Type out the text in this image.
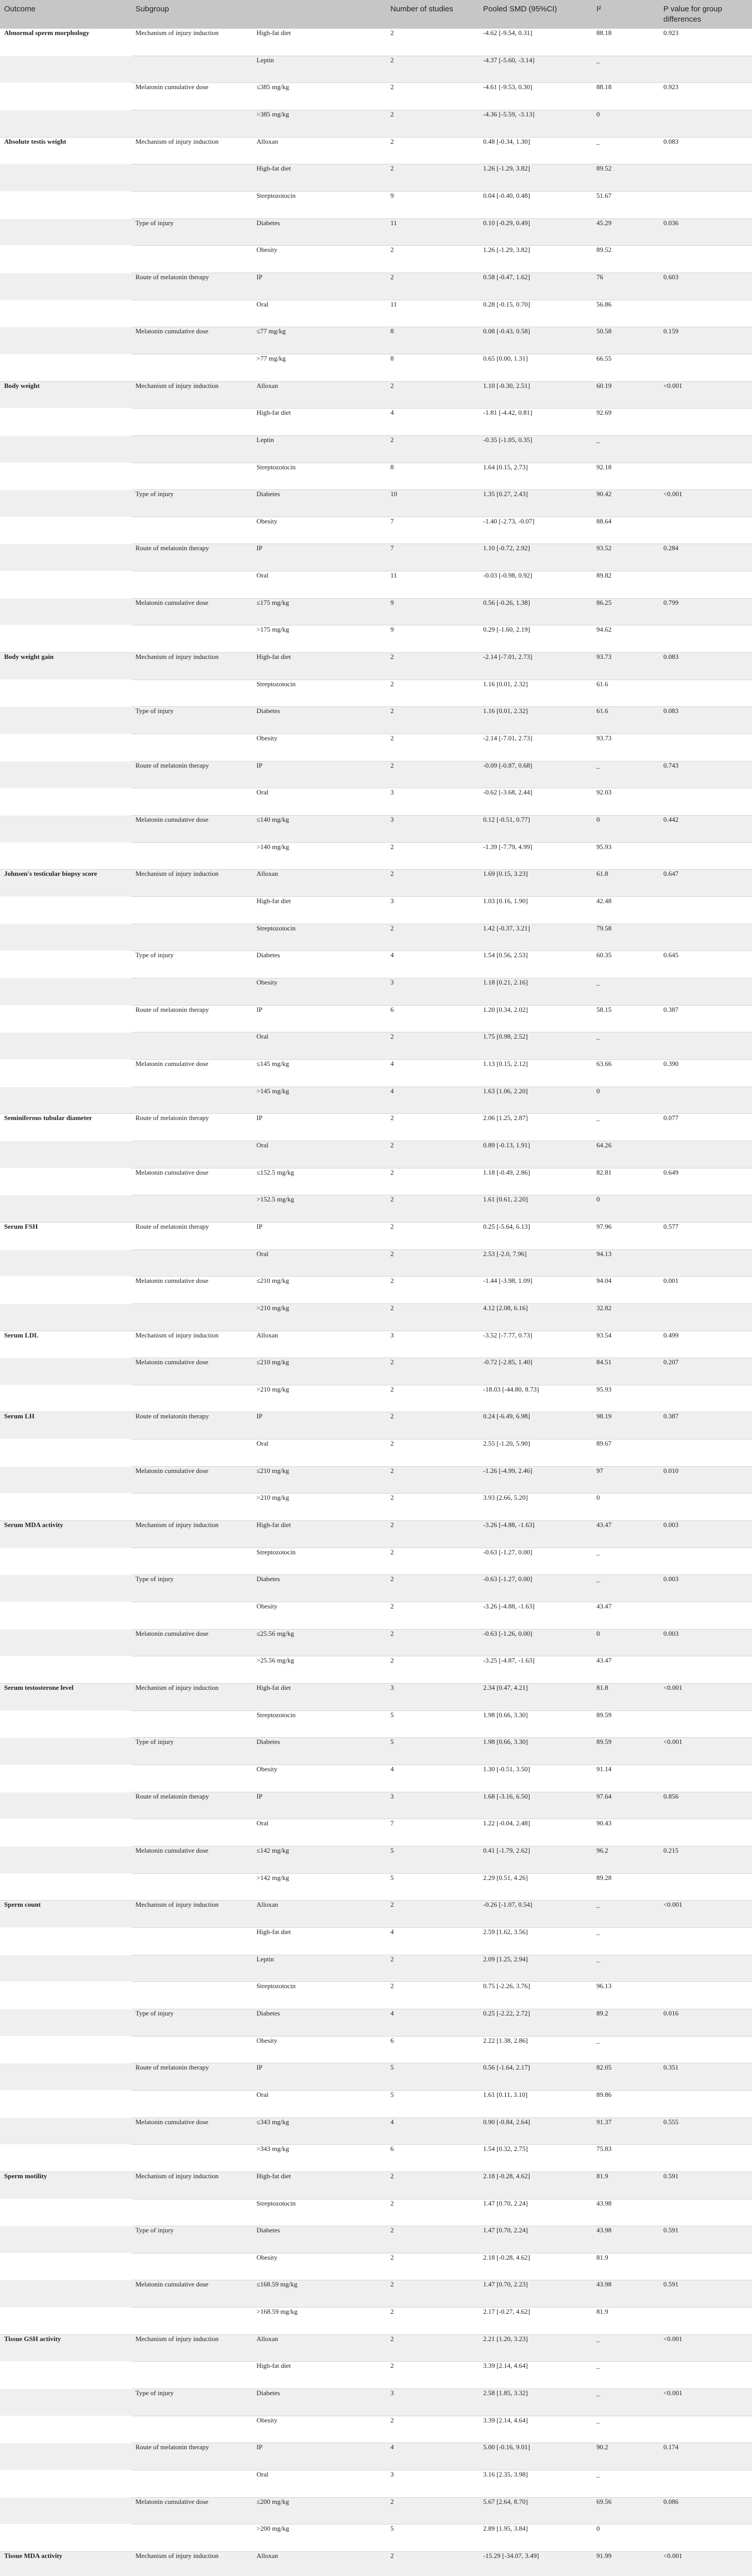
Outcome	Subgroup		Number of studies	Pooled SMD (95%CI)	I²	P value for group differences
Abnormal sperm morphology	Mechanism of injury induction	High-fat diet	2	-4.62 [-9.54, 0.31]	88.18	0.923
		Leptin	2	-4.37 [-5.60, -3.14]	_	
	Melatonin cumulative dose	≤385 mg/kg	2	-4.61 [-9.53, 0.30]	88.18	0.923
		>385 mg/kg	2	-4.36 [-5.59, -3.13]	0	
Absolute testis weight	Mechanism of injury induction	Alloxan	2	0.48 [-0.34, 1.30]	_	0.083
		High-fat diet	2	1.26 [-1.29, 3.82]	89.52	
		Streptozotocin	9	0.04 [-0.40, 0.48]	51.67	
	Type of injury	Diabetes	11	0.10 [-0.29, 0.49]	45.29	0.036
		Obesity	2	1.26 [-1.29, 3.82]	89.52	
	Route of melatonin therapy	IP	2	0.58 [-0.47, 1.62]	76	0.603
		Oral	11	0.28 [-0.15, 0.70]	56.86	
	Melatonin cumulative dose	≤77 mg/kg	8	0.08 [-0.43, 0.58]	50.58	0.159
		>77 mg/kg	8	0.65 [0.00, 1.31]	66.55	
Body weight	Mechanism of injury induction	Alloxan	2	1.10 [-0.30, 2.51]	60.19	<0.001
		High-fat diet	4	-1.81 [-4.42, 0.81]	92.69	
		Leptin	2	-0.35 [-1.05, 0.35]	_	
		Streptozotocin	8	1.64 [0.15, 2.73]	92.18	
	Type of injury	Diabetes	10	1.35 [0.27, 2.43]	90.42	<0.001
		Obesity	7	-1.40 [-2.73, -0.07]	88.64	
	Route of melatonin therapy	IP	7	1.10 [-0.72, 2.92]	93.52	0.284
		Oral	11	-0.03 [-0.98, 0.92]	89.82	
	Melatonin cumulative dose	≤175 mg/kg	9	0.56 [-0.26, 1.38]	86.25	0.799
		>175 mg/kg	9	0.29 [-1.60, 2.19]	94.62	
Body weight gain	Mechanism of injury induction	High-fat diet	2	-2.14 [-7.01, 2.73]	93.73	0.083
		Streptozotocin	2	1.16 [0.01, 2.32]	61.6	
	Type of injury	Diabetes	2	1.16 [0.01, 2.32]	61.6	0.083
		Obesity	2	-2.14 [-7.01, 2.73]	93.73	
	Route of melatonin therapy	IP	2	-0.09 [-0.87, 0.68]	_	0.743
		Oral	3	-0.62 [-3.68, 2.44]	92.03	
	Melatonin cumulative dose	≤140 mg/kg	3	0.12 [-0.51, 0.77]	0	0.442
		>140 mg/kg	2	-1.39 [-7.79, 4.99]	95.93	
Johnsen's testicular biopsy score	Mechanism of injury induction	Alloxan	2	1.69 [0.15, 3.23]	61.8	0.647
		High-fat diet	3	1.03 [0.16, 1.90]	42.48	
		Streptozotocin	2	1.42 [-0.37, 3.21]	79.58	
	Type of injury	Diabetes	4	1.54 [0.56, 2.53]	60.35	0.645
		Obesity	3	1.18 [0.21, 2.16]	_	
	Route of melatonin therapy	IP	6	1.20 [0.34, 2.02]	58.15	0.387
		Oral	2	1.75 [0.98, 2.52]	_	
	Melatonin cumulative dose	≤145 mg/kg	4	1.13 [0.15, 2.12]	63.66	0.390
		>145 mg/kg	4	1.63 [1.06, 2.20]	0	
Seminiferous tubular diameter	Route of melatonin therapy	IP	2	2.06 [1.25, 2.87]	_	0.077
		Oral	2	0.89 [-0.13, 1.91]	64.26	
	Melatonin cumulative dose	≤152.5 mg/kg	2	1.18 [-0.49, 2.86]	82.81	0.649
		>152.5 mg/kg	2	1.61 [0.61, 2.20]	0	
Serum FSH	Route of melatonin therapy	IP	2	0.25 [-5.64, 6.13]	97.96	0.577
		Oral	2	2.53 [-2.0, 7.96]	94.13	
	Melatonin cumulative dose	≤210 mg/kg	2	-1.44 [-3.98, 1.09]	94.04	0.001
		>210 mg/kg	2	4.12 [2.08, 6.16]	32.82	
Serum LDL	Mechanism of injury induction	Alloxan	3	-3.52 [-7.77, 0.73]	93.54	0.499
	Melatonin cumulative dose	≤210 mg/kg	2	-0.72 [-2.85, 1.40]	84.51	0.207
		>210 mg/kg	2	-18.03 [-44.80, 8.73]	95.93	
Serum LH	Route of melatonin therapy	IP	2	0.24 [-6.49, 6.98]	98.19	0.387
		Oral	2	2.55 [-1.20, 5.90]	89.67	
	Melatonin cumulative dose	≤210 mg/kg	2	-1.26 [-4.99, 2.46]	97	0.010
		>210 mg/kg	2	3.93 [2.66, 5.20]	0	
Serum MDA activity	Mechanism of injury induction	High-fat diet	2	-3.26 [-4.88, -1.63]	43.47	0.003
		Streptozotocin	2	-0.63 [-1.27, 0.00]	_	
	Type of injury	Diabetes	2	-0.63 [-1.27, 0.00]	_	0.003
		Obesity	2	-3.26 [-4.88, -1.63]	43.47	
	Melatonin cumulative dose	≤25.56 mg/kg	2	-0.63 [-1.26, 0.00]	0	0.003
		>25.56 mg/kg	2	-3.25 [-4.87, -1.63]	43.47	
Serum testosterone level	Mechanism of injury induction	High-fat diet	3	2.34 [0.47, 4.21]	81.8	<0.001
		Streptozotocin	5	1.98 [0.66, 3.30]	89.59	
	Type of injury	Diabetes	5	1.98 [0.66, 3.30]	89.59	<0.001
		Obesity	4	1.30 [-0.51, 3.50]	91.14	
	Route of melatonin therapy	IP	3	1.68 [-3.16, 6.50]	97.64	0.856
		Oral	7	1.22 [-0.04, 2.48]	90.43	
	Melatonin cumulative dose	≤142 mg/kg	5	0.41 [-1.79, 2.62]	96.2	0.215
		>142 mg/kg	5	2.29 [0.51, 4.26]	89.28	
Sperm count	Mechanism of injury induction	Alloxan	2	-0.26 [-1.07, 0.54]	_	<0.001
		High-fat diet	4	2.59 [1.62, 3.56]	_	
		Leptin	2	2.09 [1.25, 2.94]	_	
		Streptozotocin	2	0.75 [-2.26, 3.76]	96.13	
	Type of injury	Diabetes	4	0.25 [-2.22, 2.72]	89.2	0.016
		Obesity	6	2.22 [1.38, 2.86]	_	
	Route of melatonin therapy	IP	5	0.56 [-1.64, 2.17]	82.05	0.351
		Oral	5	1.61 [0.11, 3.10]	89.86	
	Melatonin cumulative dose	≤343 mg/kg	4	0.90 [-0.84, 2.64]	91.37	0.555
		>343 mg/kg	6	1.54 [0.32, 2.75]	75.83	
Sperm motility	Mechanism of injury induction	High-fat diet	2	2.18 [-0.28, 4.62]	81.9	0.591
		Streptozotocin	2	1.47 [0.70, 2.24]	43.98	
	Type of injury	Diabetes	2	1.47 [0.70, 2.24]	43.98	0.591
		Obesity	2	2.18 [-0.28, 4.62]	81.9	
	Melatonin cumulative dose	≤168.59 mg/kg	2	1.47 [0.70, 2.23]	43.98	0.591
		>168.59 mg/kg	2	2.17 [-0.27, 4.62]	81.9	
Tissue GSH activity	Mechanism of injury induction	Alloxan	2	2.21 [1.20, 3.23]	_	<0.001
		High-fat diet	2	3.39 [2.14, 4.64]	_	
	Type of injury	Diabetes	3	2.58 [1.85, 3.32]	_	<0.001
		Obesity	2	3.39 [2.14, 4.64]	_	
	Route of melatonin therapy	IP	4	5.00 [-0.16, 9.01]	90.2	0.174
		Oral	3	3.16 [2.35, 3.98]	_	
	Melatonin cumulative dose	≤200 mg/kg	2	5.67 [2.64, 8.70]	69.56	0.086
		>200 mg/kg	5	2.89 [1.95, 3.84]	0	
Tissue MDA activity	Mechanism of injury induction	Alloxan	2	-15.29 [-34.07, 3.49]	91.99	<0.001
